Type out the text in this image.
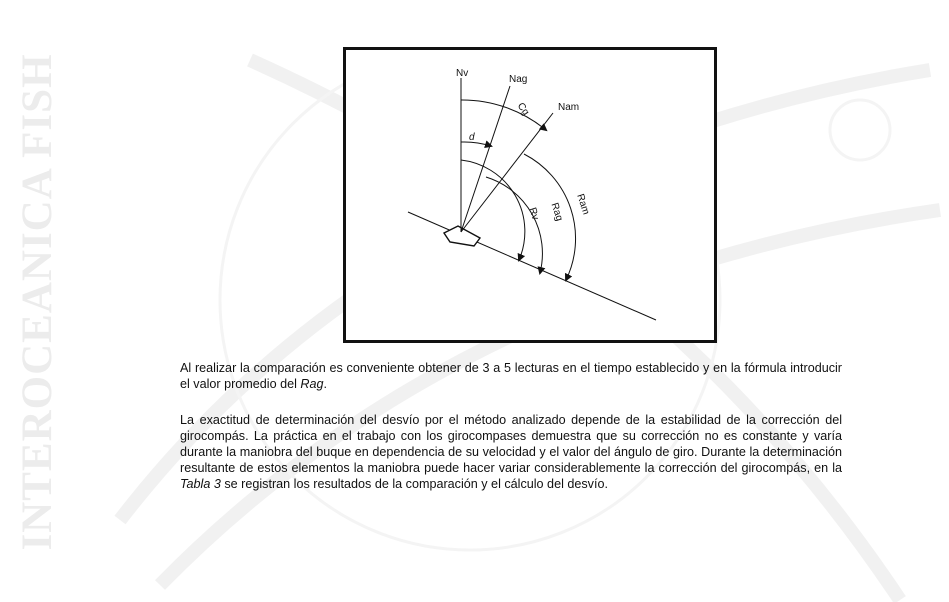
INTEROCEANICA FISH	Nv
Nag
Nam
d
Cg
Rv Rag Ram

Al realizar la comparación es conveniente obtener de 3 a 5 lecturas en el tiempo establecido y en la fórmula introducir el valor promedio del Rag.

La exactitud de determinación del desvío por el método analizado depende de la estabilidad de la corrección del girocompás. La práctica en el trabajo con los girocompases demuestra que su corrección no es constante y varía durante la maniobra del buque en dependencia de su velocidad y el valor del ángulo de giro. Durante la determinación resultante de estos elementos la maniobra puede hacer variar considerablemente la corrección del girocompás, en la Tabla 3 se registran los resultados de la comparación y el cálculo del desvío.
